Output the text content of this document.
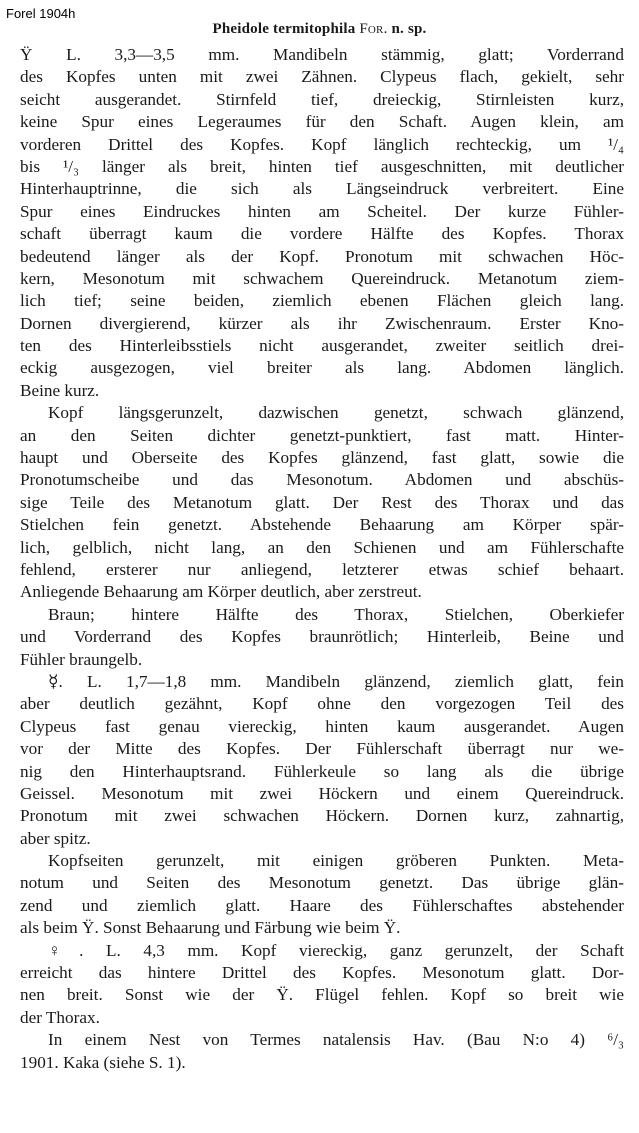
Forel 1904h
Pheidole termitophila For. n. sp.
Ÿ L. 3,3—3,5 mm. Mandibeln stämmig, glatt; Vorderrand
des Kopfes unten mit zwei Zähnen. Clypeus flach, gekielt, sehr
seicht ausgerandet. Stirnfeld tief, dreieckig, Stirnleisten kurz,
keine Spur eines Legeraumes für den Schaft. Augen klein, am
vorderen Drittel des Kopfes. Kopf länglich rechteckig, um ¹/₄
bis ¹/₃ länger als breit, hinten tief ausgeschnitten, mit deutlicher
Hinterhauptrinne, die sich als Längseindruck verbreitert. Eine
Spur eines Eindruckes hinten am Scheitel. Der kurze Fühler-
schaft überragt kaum die vordere Hälfte des Kopfes. Thorax
bedeutend länger als der Kopf. Pronotum mit schwachen Höc-
kern, Mesonotum mit schwachem Quereindruck. Metanotum ziem-
lich tief; seine beiden, ziemlich ebenen Flächen gleich lang.
Dornen divergierend, kürzer als ihr Zwischenraum. Erster Kno-
ten des Hinterleibsstiels nicht ausgerandet, zweiter seitlich drei-
eckig ausgezogen, viel breiter als lang. Abdomen länglich.
Beine kurz.
Kopf längsgerunzelt, dazwischen genetzt, schwach glänzend,
an den Seiten dichter genetzt-punktiert, fast matt. Hinter-
haupt und Oberseite des Kopfes glänzend, fast glatt, sowie die
Pronotumscheibe und das Mesonotum. Abdomen und abschüs-
sige Teile des Metanotum glatt. Der Rest des Thorax und das
Stielchen fein genetzt. Abstehende Behaarung am Körper spär-
lich, gelblich, nicht lang, an den Schienen und am Fühlerschafte
fehlend, ersterer nur anliegend, letzterer etwas schief behaart.
Anliegende Behaarung am Körper deutlich, aber zerstreut.
Braun; hintere Hälfte des Thorax, Stielchen, Oberkiefer
und Vorderrand des Kopfes braunrötlich; Hinterleib, Beine und
Fühler braungelb.
☿. L. 1,7—1,8 mm. Mandibeln glänzend, ziemlich glatt, fein
aber deutlich gezähnt, Kopf ohne den vorgezogen Teil des
Clypeus fast genau viereckig, hinten kaum ausgerandet. Augen
vor der Mitte des Kopfes. Der Fühlerschaft überragt nur we-
nig den Hinterhauptsrand. Fühlerkeule so lang als die übrige
Geissel. Mesonotum mit zwei Höckern und einem Quereindruck.
Pronotum mit zwei schwachen Höckern. Dornen kurz, zahnartig,
aber spitz.
Kopfseiten gerunzelt, mit einigen gröberen Punkten. Meta-
notum und Seiten des Mesonotum genetzt. Das übrige glän-
zend und ziemlich glatt. Haare des Fühlerschaftes abstehender
als beim Ÿ. Sonst Behaarung und Färbung wie beim Ÿ.
♀. L. 4,3 mm. Kopf viereckig, ganz gerunzelt, der Schaft
erreicht das hintere Drittel des Kopfes. Mesonotum glatt. Dor-
nen breit. Sonst wie der Ÿ. Flügel fehlen. Kopf so breit wie
der Thorax.
In einem Nest von Termes natalensis Hav. (Bau N:o 4) ⁶/₃
1901. Kaka (siehe S. 1).
